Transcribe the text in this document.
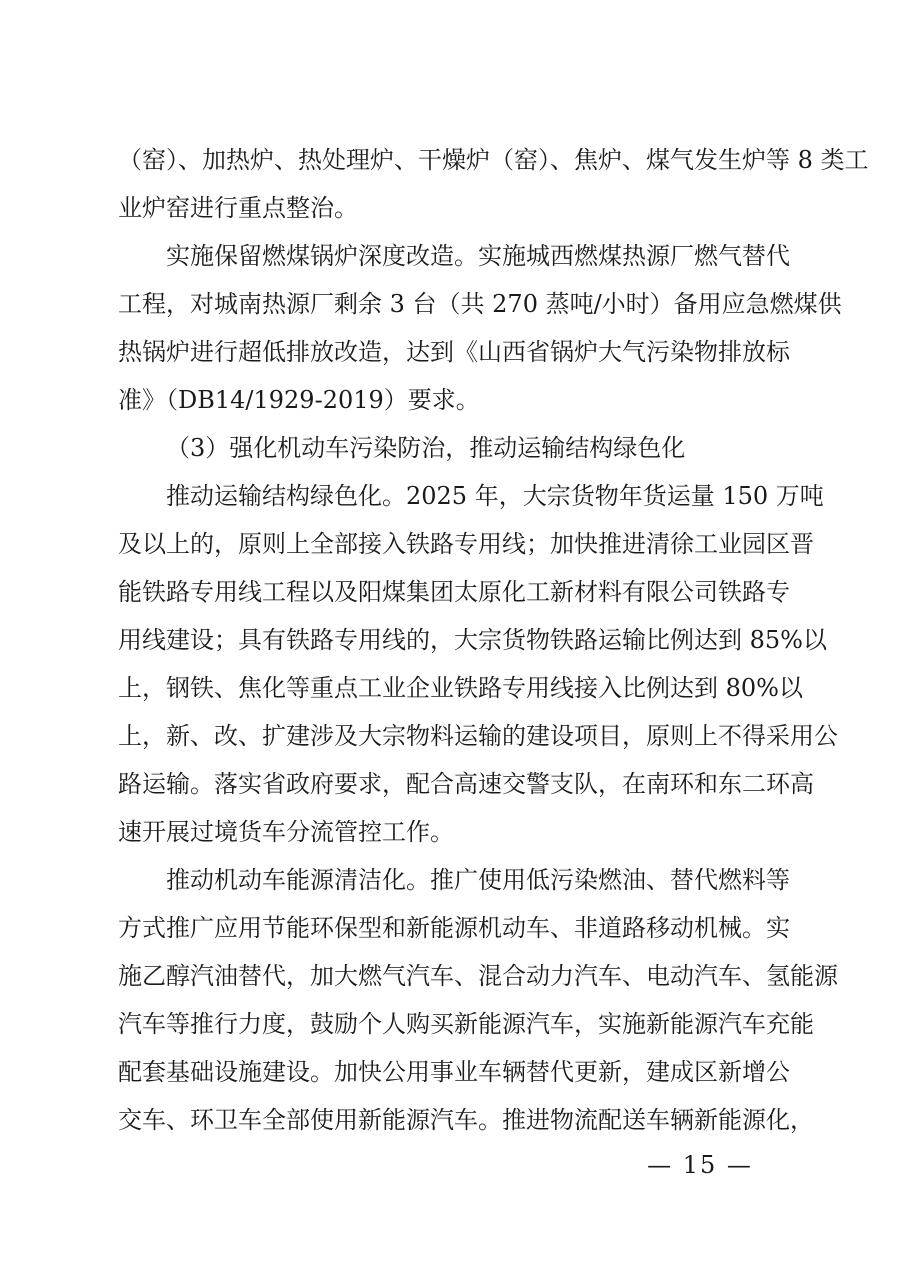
（窑）、加热炉、热处理炉、干燥炉（窑）、焦炉、煤气发生炉等 8 类工

业炉窑进行重点整治。

实施保留燃煤锅炉深度改造。实施城西燃煤热源厂燃气替代

工程，对城南热源厂剩余 3 台（共 270 蒸吨/小时）备用应急燃煤供

热锅炉进行超低排放改造，达到《山西省锅炉大气污染物排放标

准》（DB14/1929-2019）要求。

（3）强化机动车污染防治，推动运输结构绿色化

推动运输结构绿色化。2025 年，大宗货物年货运量 150 万吨

及以上的，原则上全部接入铁路专用线；加快推进清徐工业园区晋

能铁路专用线工程以及阳煤集团太原化工新材料有限公司铁路专

用线建设；具有铁路专用线的，大宗货物铁路运输比例达到 85%以

上，钢铁、焦化等重点工业企业铁路专用线接入比例达到 80%以

上，新、改、扩建涉及大宗物料运输的建设项目，原则上不得采用公

路运输。落实省政府要求，配合高速交警支队，在南环和东二环高

速开展过境货车分流管控工作。

推动机动车能源清洁化。推广使用低污染燃油、替代燃料等

方式推广应用节能环保型和新能源机动车、非道路移动机械。实

施乙醇汽油替代，加大燃气汽车、混合动力汽车、电动汽车、氢能源

汽车等推行力度，鼓励个人购买新能源汽车，实施新能源汽车充能

配套基础设施建设。加快公用事业车辆替代更新，建成区新增公

交车、环卫车全部使用新能源汽车。推进物流配送车辆新能源化，

— 15 —
